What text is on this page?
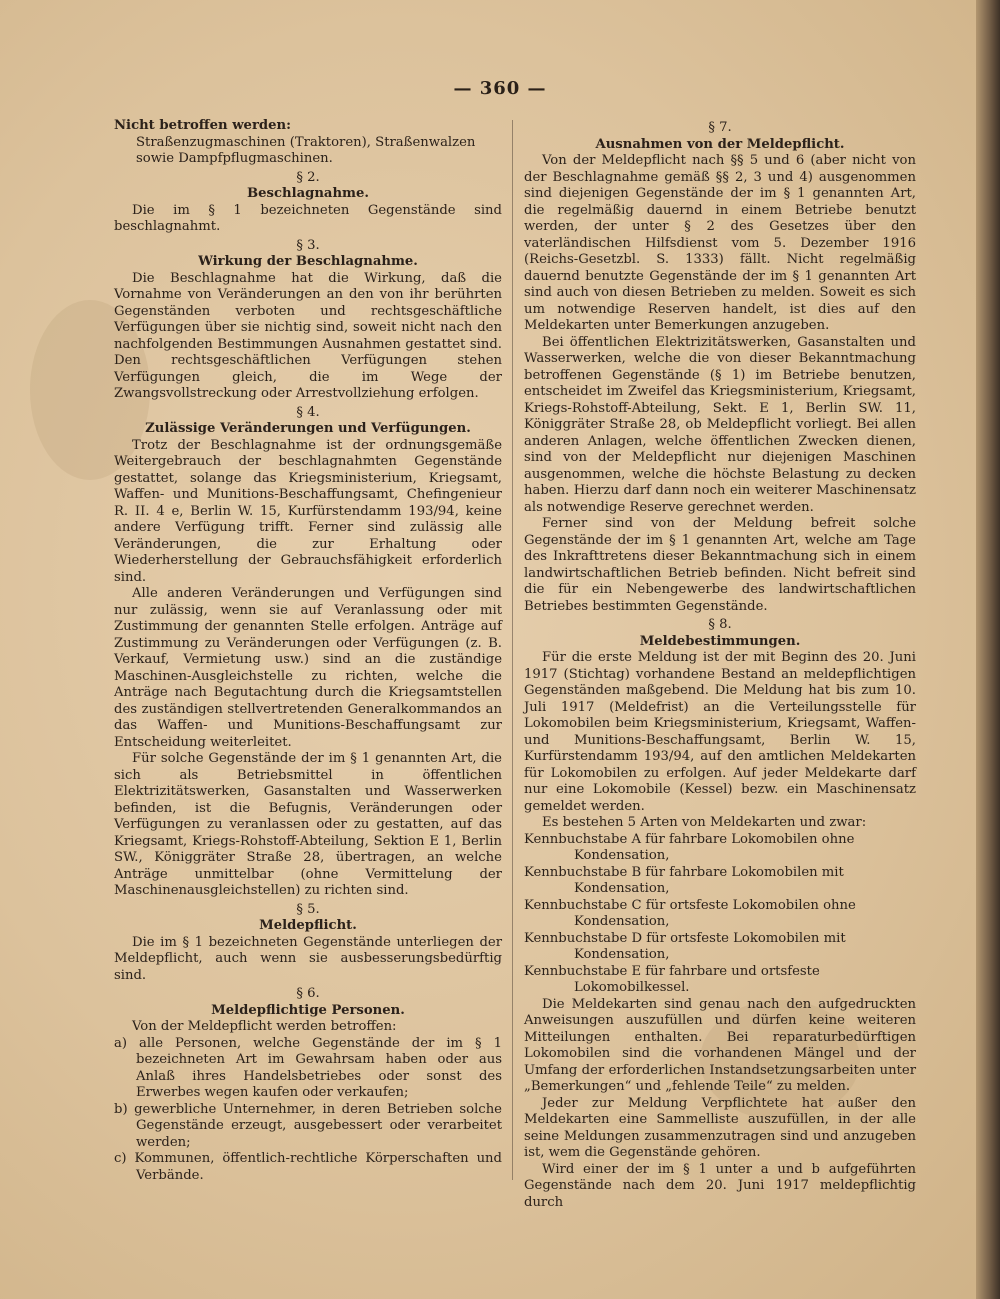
— 360 —

Nicht betroffen werden:

Straßenzugmaschinen (Traktoren), Straßenwalzen sowie Dampfpflugmaschinen.

§ 2.

Beschlagnahme.

Die im § 1 bezeichneten Gegenstände sind beschlagnahmt.

§ 3.

Wirkung der Beschlagnahme.

Die Beschlagnahme hat die Wirkung, daß die Vornahme von Veränderungen an den von ihr berührten Gegenständen verboten und rechtsgeschäftliche Verfügungen über sie nichtig sind, soweit nicht nach den nachfolgenden Bestimmungen Ausnahmen gestattet sind. Den rechtsgeschäftlichen Verfügungen stehen Verfügungen gleich, die im Wege der Zwangsvollstreckung oder Arrestvollziehung erfolgen.

§ 4.

Zulässige Veränderungen und Verfügungen.

Trotz der Beschlagnahme ist der ordnungsgemäße Weitergebrauch der beschlagnahmten Gegenstände gestattet, solange das Kriegsministerium, Kriegsamt, Waffen- und Munitions-Beschaffungsamt, Chefingenieur R. II. 4 e, Berlin W. 15, Kurfürstendamm 193/94, keine andere Verfügung trifft. Ferner sind zulässig alle Veränderungen, die zur Erhaltung oder Wiederherstellung der Gebrauchsfähigkeit erforderlich sind.

Alle anderen Veränderungen und Verfügungen sind nur zulässig, wenn sie auf Veranlassung oder mit Zustimmung der genannten Stelle erfolgen. Anträge auf Zustimmung zu Veränderungen oder Verfügungen (z. B. Verkauf, Vermietung usw.) sind an die zuständige Maschinen-Ausgleichstelle zu richten, welche die Anträge nach Begutachtung durch die Kriegsamtstellen des zuständigen stellvertretenden Generalkommandos an das Waffen- und Munitions-Beschaffungsamt zur Entscheidung weiterleitet.

Für solche Gegenstände der im § 1 genannten Art, die sich als Betriebsmittel in öffentlichen Elektrizitätswerken, Gasanstalten und Wasserwerken befinden, ist die Befugnis, Veränderungen oder Verfügungen zu veranlassen oder zu gestatten, auf das Kriegsamt, Kriegs-Rohstoff-Abteilung, Sektion E 1, Berlin SW., Königgräter Straße 28, übertragen, an welche Anträge unmittelbar (ohne Vermittelung der Maschinenausgleichstellen) zu richten sind.

§ 5.

Meldepflicht.

Die im § 1 bezeichneten Gegenstände unterliegen der Meldepflicht, auch wenn sie ausbesserungsbedürftig sind.

§ 6.

Meldepflichtige Personen.

Von der Meldepflicht werden betroffen:

a) alle Personen, welche Gegenstände der im § 1 bezeichneten Art im Gewahrsam haben oder aus Anlaß ihres Handelsbetriebes oder sonst des Erwerbes wegen kaufen oder verkaufen;

b) gewerbliche Unternehmer, in deren Betrieben solche Gegenstände erzeugt, ausgebessert oder verarbeitet werden;

c) Kommunen, öffentlich-rechtliche Körperschaften und Verbände.

§ 7.

Ausnahmen von der Meldepflicht.

Von der Meldepflicht nach §§ 5 und 6 (aber nicht von der Beschlagnahme gemäß §§ 2, 3 und 4) ausgenommen sind diejenigen Gegenstände der im § 1 genannten Art, die regelmäßig dauernd in einem Betriebe benutzt werden, der unter § 2 des Gesetzes über den vaterländischen Hilfsdienst vom 5. Dezember 1916 (Reichs-Gesetzbl. S. 1333) fällt. Nicht regelmäßig dauernd benutzte Gegenstände der im § 1 genannten Art sind auch von diesen Betrieben zu melden. Soweit es sich um notwendige Reserven handelt, ist dies auf den Meldekarten unter Bemerkungen anzugeben.

Bei öffentlichen Elektrizitätswerken, Gasanstalten und Wasserwerken, welche die von dieser Bekanntmachung betroffenen Gegenstände (§ 1) im Betriebe benutzen, entscheidet im Zweifel das Kriegsministerium, Kriegsamt, Kriegs-Rohstoff-Abteilung, Sekt. E 1, Berlin SW. 11, Königgräter Straße 28, ob Meldepflicht vorliegt. Bei allen anderen Anlagen, welche öffentlichen Zwecken dienen, sind von der Meldepflicht nur diejenigen Maschinen ausgenommen, welche die höchste Belastung zu decken haben. Hierzu darf dann noch ein weiterer Maschinensatz als notwendige Reserve gerechnet werden.

Ferner sind von der Meldung befreit solche Gegenstände der im § 1 genannten Art, welche am Tage des Inkrafttretens dieser Bekanntmachung sich in einem landwirtschaftlichen Betrieb befinden. Nicht befreit sind die für ein Nebengewerbe des landwirtschaftlichen Betriebes bestimmten Gegenstände.

§ 8.

Meldebestimmungen.

Für die erste Meldung ist der mit Beginn des 20. Juni 1917 (Stichtag) vorhandene Bestand an meldepflichtigen Gegenständen maßgebend. Die Meldung hat bis zum 10. Juli 1917 (Meldefrist) an die Verteilungsstelle für Lokomobilen beim Kriegsministerium, Kriegsamt, Waffen- und Munitions-Beschaffungsamt, Berlin W. 15, Kurfürstendamm 193/94, auf den amtlichen Meldekarten für Lokomobilen zu erfolgen. Auf jeder Meldekarte darf nur eine Lokomobile (Kessel) bezw. ein Maschinensatz gemeldet werden.

Es bestehen 5 Arten von Meldekarten und zwar:

Kennbuchstabe A für fahrbare Lokomobilen ohne Kondensation,

Kennbuchstabe B für fahrbare Lokomobilen mit Kondensation,

Kennbuchstabe C für ortsfeste Lokomobilen ohne Kondensation,

Kennbuchstabe D für ortsfeste Lokomobilen mit Kondensation,

Kennbuchstabe E für fahrbare und ortsfeste Lokomobilkessel.

Die Meldekarten sind genau nach den aufgedruckten Anweisungen auszufüllen und dürfen keine weiteren Mitteilungen enthalten. Bei reparaturbedürftigen Lokomobilen sind die vorhandenen Mängel und der Umfang der erforderlichen Instandsetzungsarbeiten unter „Bemerkungen“ und „fehlende Teile“ zu melden.

Jeder zur Meldung Verpflichtete hat außer den Meldekarten eine Sammelliste auszufüllen, in der alle seine Meldungen zusammenzutragen sind und anzugeben ist, wem die Gegenstände gehören.

Wird einer der im § 1 unter a und b aufgeführten Gegenstände nach dem 20. Juni 1917 meldepflichtig durch
